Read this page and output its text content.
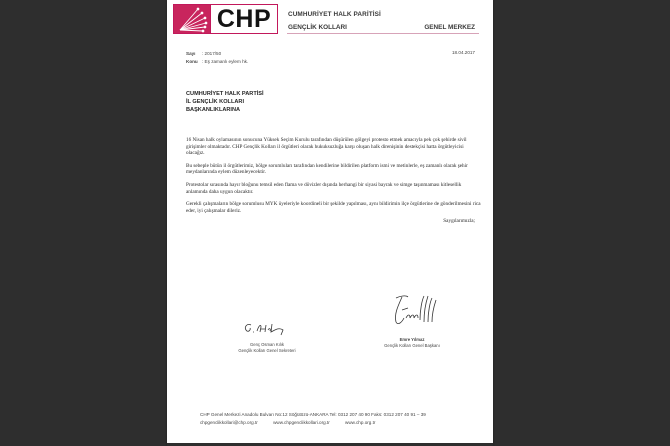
CHP	CUMHURİYET HALK PARİTİSİ
GENÇLİK KOLLARI	GENEL MERKEZ
Sayı	: 2017/50
Konu : Eş zamanlı eylem hk.
18.04.2017
CUMHURİYET HALK PARTİSİ
İL GENÇLİK KOLLARI
BAŞKANLIKLARINA

16 Nisan halk oylamasının sonucuna Yüksek Seçim Kurulu tarafından düşürülen gölgeyi protesto etmek amacıyla pek çok şehirde sivil girişimler olmaktadır. CHP Gençlik Kolları il örgütleri olarak hukuksuzluğa karşı oluşan halk direnişinin destekçisi hatta örgütleyicisi olacağız.

Bu sebeple bütün il örgütlerimiz, bölge sorumluları tarafından kendilerine bildirilen platform ismi ve metinlerle, eş zamanlı olarak şehir meydanlarında eylem düzenleyecektir.

Protestolar sırasında hayır bloğunu temsil eden flama ve dövizler dışında herhangi bir siyasi bayrak ve simge taşınmaması kitlesellik anlamında daha uygun olacaktır.

Gerekli çalışmaların bölge sorumlusu MYK üyeleriyle koordineli bir şekilde yapılması, aynı bildirimin ilçe örgütlerine de gönderilmesini rica eder, iyi çalışmalar dileriz.

Saygılarımızla;
Genç Osman Kılık
Gençlik Kolları Genel Sekreteri
Emre Yılmaz
Gençlik Kolları Genel Başkanı
CHP Genel Merkezi Anadolu Bulvarı No:12 Söğütözü-ANKARA Tel: 0312 207 40 90 Faks: 0312 207 40 91 – 39
chpgenclikkollari@chp.org.tr	www.chpgenclikkollari.org.tr	www.chp.org.tr
